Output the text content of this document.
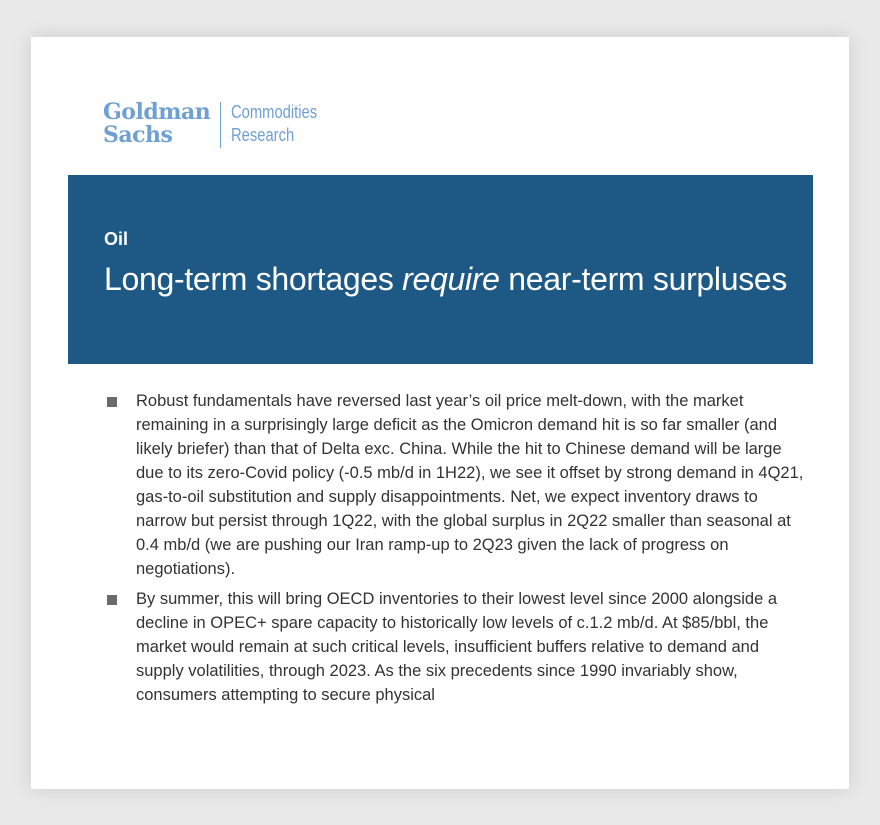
Goldman
Sachs
Commodities
Research
Oil
Long-term shortages require near-term surpluses
Robust fundamentals have reversed last year’s oil price melt-down, with the market remaining in a surprisingly large deficit as the Omicron demand hit is so far smaller (and likely briefer) than that of Delta exc. China. While the hit to Chinese demand will be large due to its zero-Covid policy (-0.5 mb/d in 1H22), we see it offset by strong demand in 4Q21, gas-to-oil substitution and supply disappointments. Net, we expect inventory draws to narrow but persist through 1Q22, with the global surplus in 2Q22 smaller than seasonal at 0.4 mb/d (we are pushing our Iran ramp-up to 2Q23 given the lack of progress on negotiations).
By summer, this will bring OECD inventories to their lowest level since 2000 alongside a decline in OPEC+ spare capacity to historically low levels of c.1.2 mb/d. At $85/bbl, the market would remain at such critical levels, insufficient buffers relative to demand and supply volatilities, through 2023. As the six precedents since 1990 invariably show, consumers attempting to secure physical
